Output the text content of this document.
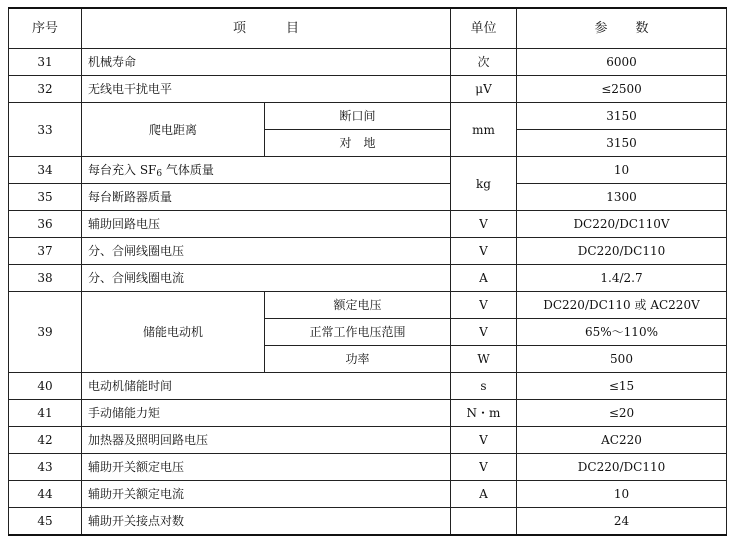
序号	项 目		单位	参 数
31	机械寿命		次	6000
32	无线电干扰电平		μV	≤2500
33	爬电距离	断口间	mm	3150
		对　地		3150
34	每台充入 $SF_6$ 气体质量		kg	10
35	每台断路器质量			1300
36	辅助回路电压		V	DC220/DC110V
37	分、合闸线圈电压		V	DC220/DC110
38	分、合闸线圈电流		A	1.4/2.7
39	储能电动机	额定电压	V	DC220/DC110 或 AC220V
		正常工作电压范围	V	65%～110%
		功率	W	500
40	电动机储能时间		s	≤15
41	手动储能力矩		N・m	≤20
42	加热器及照明回路电压		V	AC220
43	辅助开关额定电压		V	DC220/DC110
44	辅助开关额定电流		A	10
45	辅助开关接点对数			24
